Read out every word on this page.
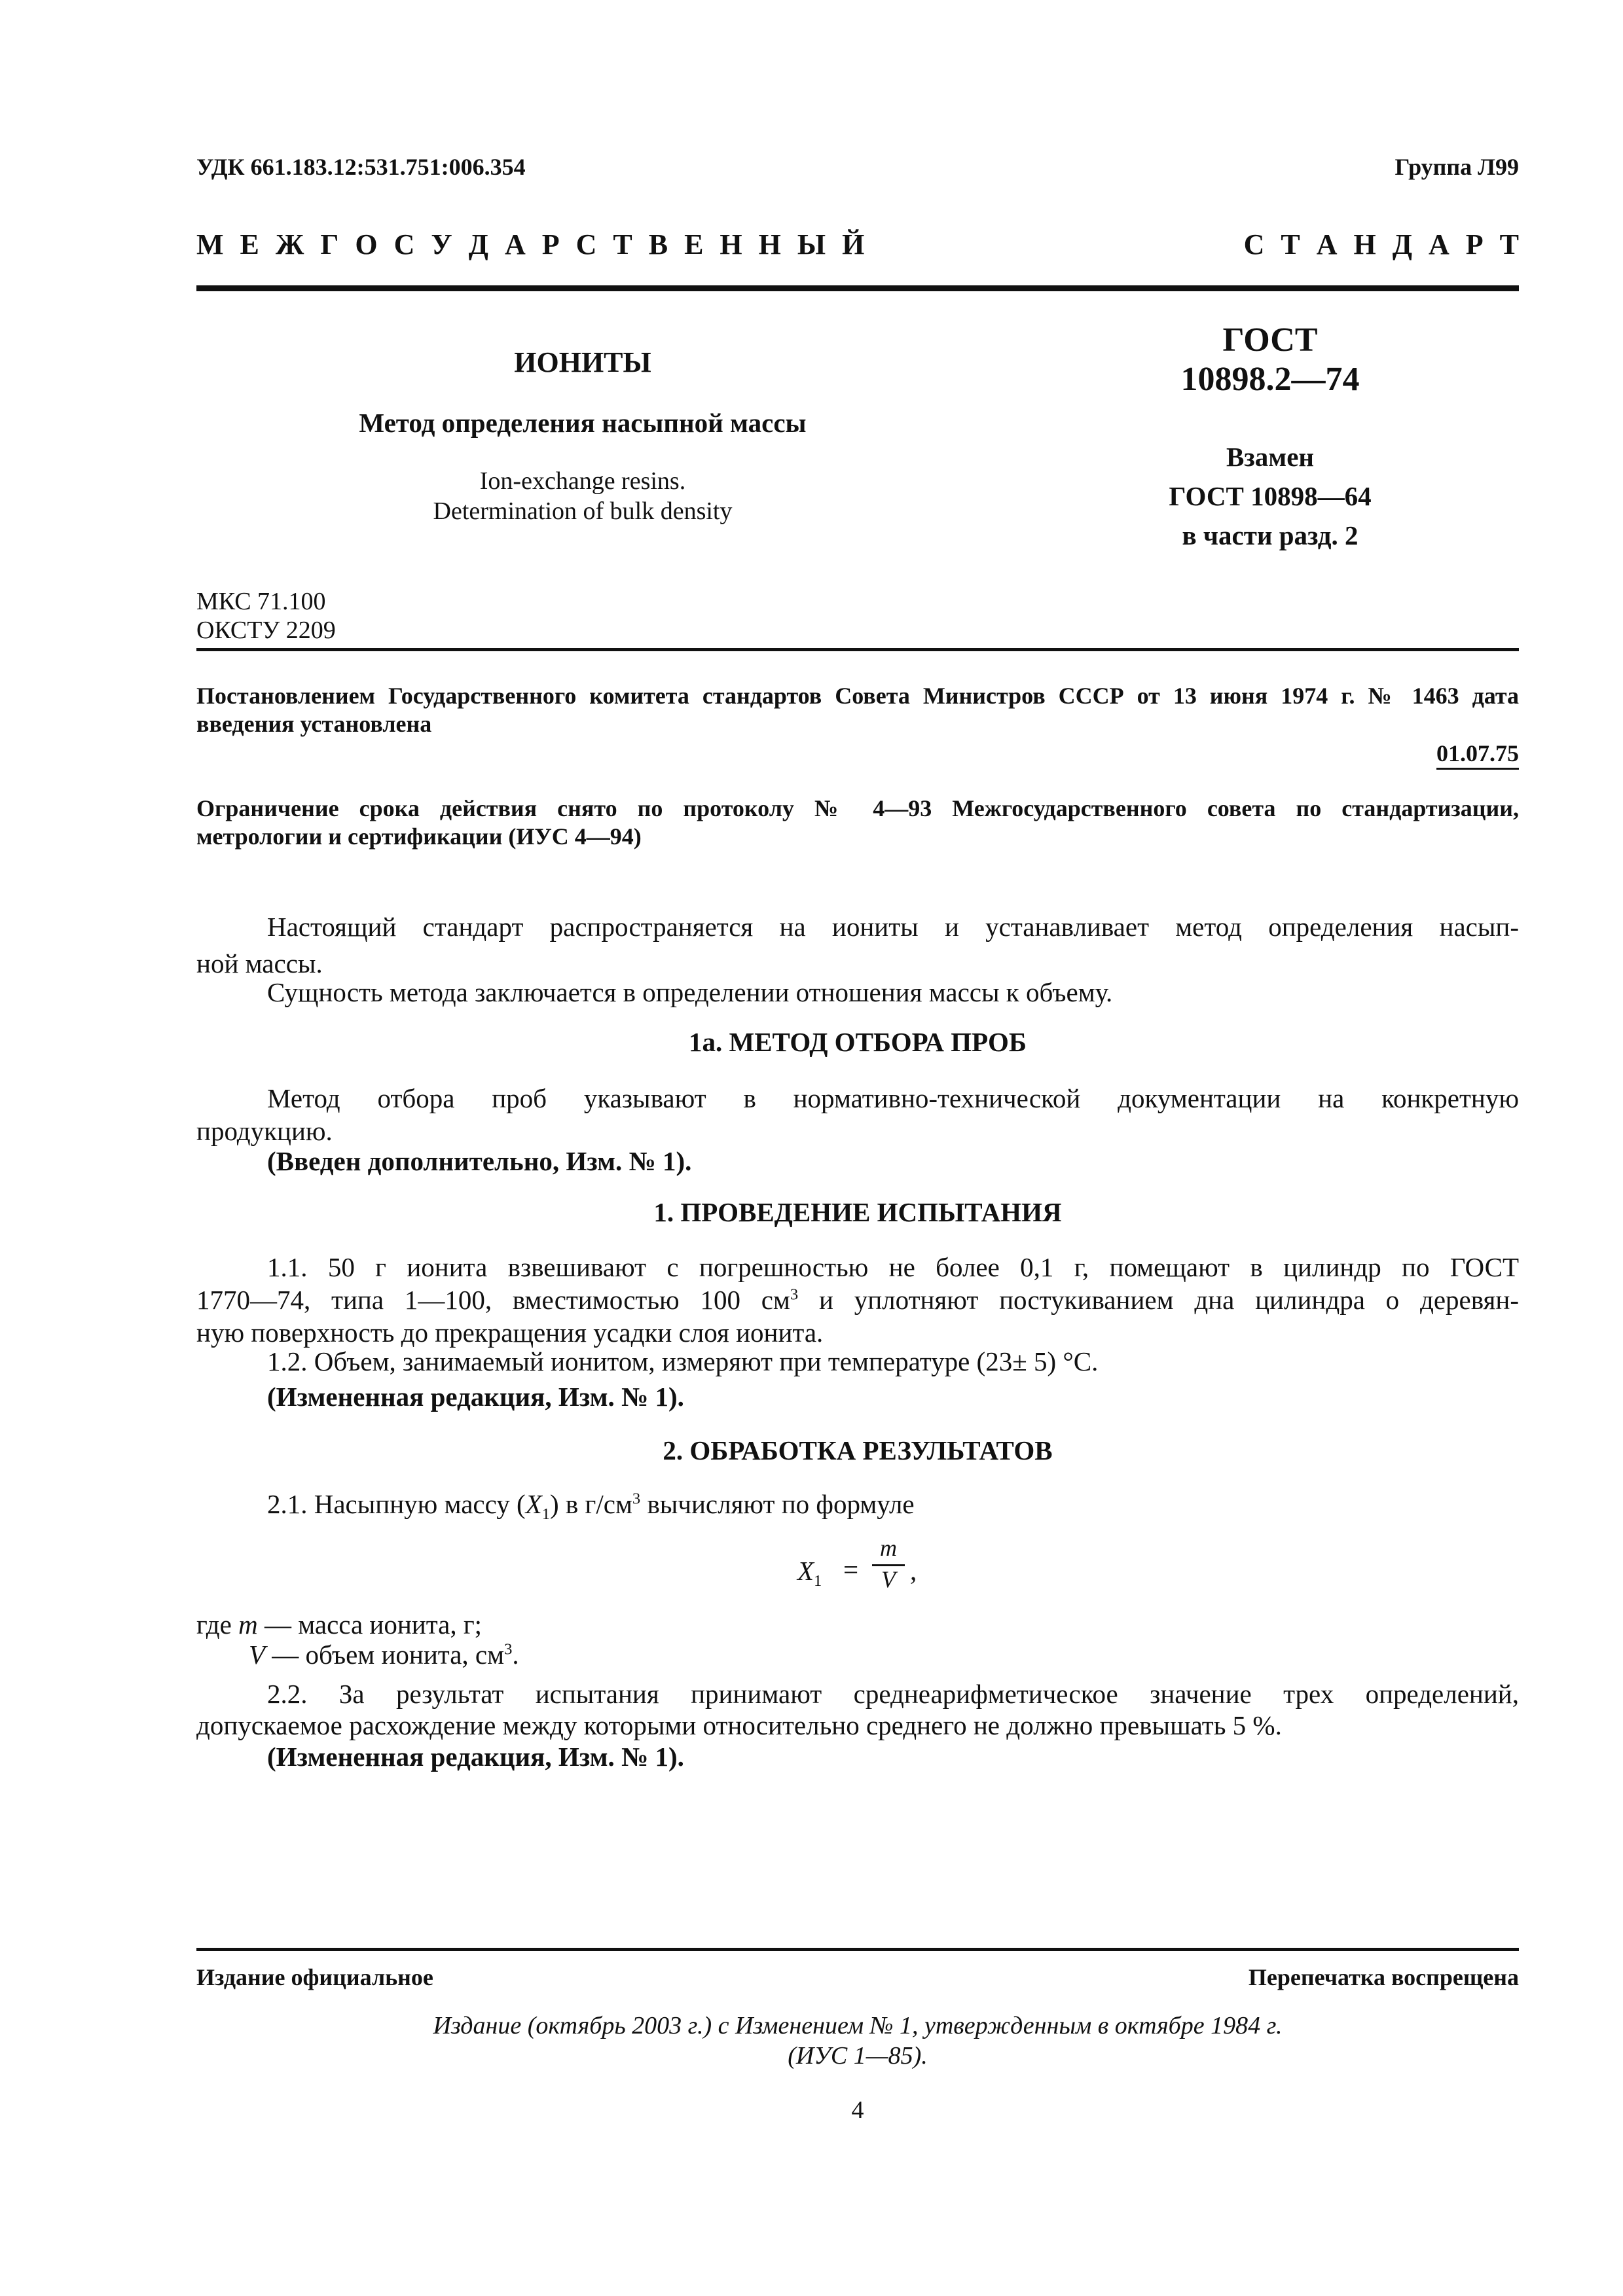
УДК 661.183.12:531.751:006.354	Группа Л99
М Е Ж Г О С У Д А Р С Т В Е Н Н Ы Й	С Т А Н Д А Р Т
ИОНИТЫ
Метод определения насыпной массы
Ion-exchange resins.
Determination of bulk density
ГОСТ
10898.2—74
Взамен
ГОСТ 10898—64
в части разд. 2
МКС 71.100
ОКСТУ 2209
Постановлением Государственного комитета стандартов Совета Министров СССР от 13 июня 1974 г. № 1463 дата
введения установлена
01.07.75
Ограничение срока действия снято по протоколу № 4—93 Межгосударственного совета по стандартизации,
метрологии и сертификации (ИУС 4—94)
Настоящий стандарт распространяется на иониты и устанавливает метод определения насып-
ной массы.
Сущность метода заключается в определении отношения массы к объему.
1а. МЕТОД ОТБОРА ПРОБ
Метод отбора проб указывают в нормативно-технической документации на конкретную
продукцию.
(Введен дополнительно, Изм. № 1).
1. ПРОВЕДЕНИЕ ИСПЫТАНИЯ
1.1. 50 г ионита взвешивают с погрешностью не более 0,1 г, помещают в цилиндр по ГОСТ
1770—74, типа 1—100, вместимостью 100 $см^3$ и уплотняют постукиванием дна цилиндра о деревян-
ную поверхность до прекращения усадки слоя ионита.
1.2. Объем, занимаемый ионитом, измеряют при температуре (23± 5) °С.
(Измененная редакция, Изм. № 1).
2. ОБРАБОТКА РЕЗУЛЬТАТОВ
2.1. Насыпную массу $(X_1)$ в $г/см^3$ вычисляют по формуле
$X_1$ =
m
V ,
где m — масса ионита, г;
V — объем ионита, $см^3$.
2.2. За результат испытания принимают среднеарифметическое значение трех определений,
допускаемое расхождение между которыми относительно среднего не должно превышать 5 %.
(Измененная редакция, Изм. № 1).
Издание официальное	Перепечатка воспрещена
Издание (октябрь 2003 г.) с Изменением № 1, утвержденным в октябре 1984 г.
(ИУС 1—85).
4
